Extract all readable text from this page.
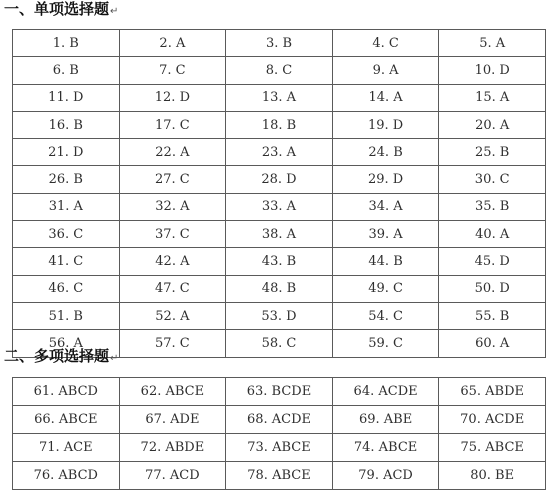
一、单项选择题↵
1. B	2. A	3. B	4. C	5. A
6. B	7. C	8. C	9. A	10. D
11. D	12. D	13. A	14. A	15. A
16. B	17. C	18. B	19. D	20. A
21. D	22. A	23. A	24. B	25. B
26. B	27. C	28. D	29. D	30. C
31. A	32. A	33. A	34. A	35. B
36. C	37. C	38. A	39. A	40. A
41. C	42. A	43. B	44. B	45. D
46. C	47. C	48. B	49. C	50. D
51. B	52. A	53. D	54. C	55. B
56. A	57. C	58. C	59. C	60. A
二、多项选择题↵
61. ABCD	62. ABCE	63. BCDE	64. ACDE	65. ABDE
66. ABCE	67. ADE	68. ACDE	69. ABE	70. ACDE
71. ACE	72. ABDE	73. ABCE	74. ABCE	75. ABCE
76. ABCD	77. ACD	78. ABCE	79. ACD	80. BE
